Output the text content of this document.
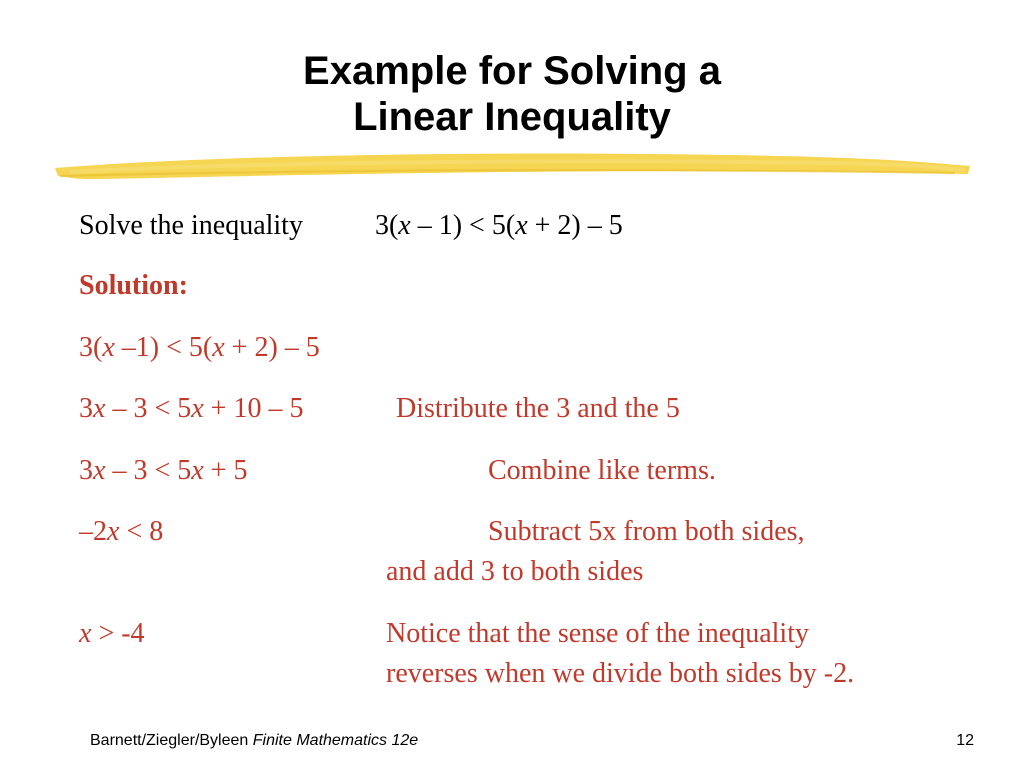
Example for Solving a
Linear Inequality
Solve the inequality	3(x – 1) < 5(x + 2) – 5
Solution:
3(x –1) < 5(x + 2) – 5
3x – 3 < 5x + 10 – 5	Distribute the 3 and the 5
3x – 3 < 5x + 5	Combine like terms.
–2x < 8	Subtract 5x from both sides,
and add 3 to both sides
x > -4	Notice that the sense of the inequality
reverses when we divide both sides by -2.
Barnett/Ziegler/Byleen Finite Mathematics 12e	12
